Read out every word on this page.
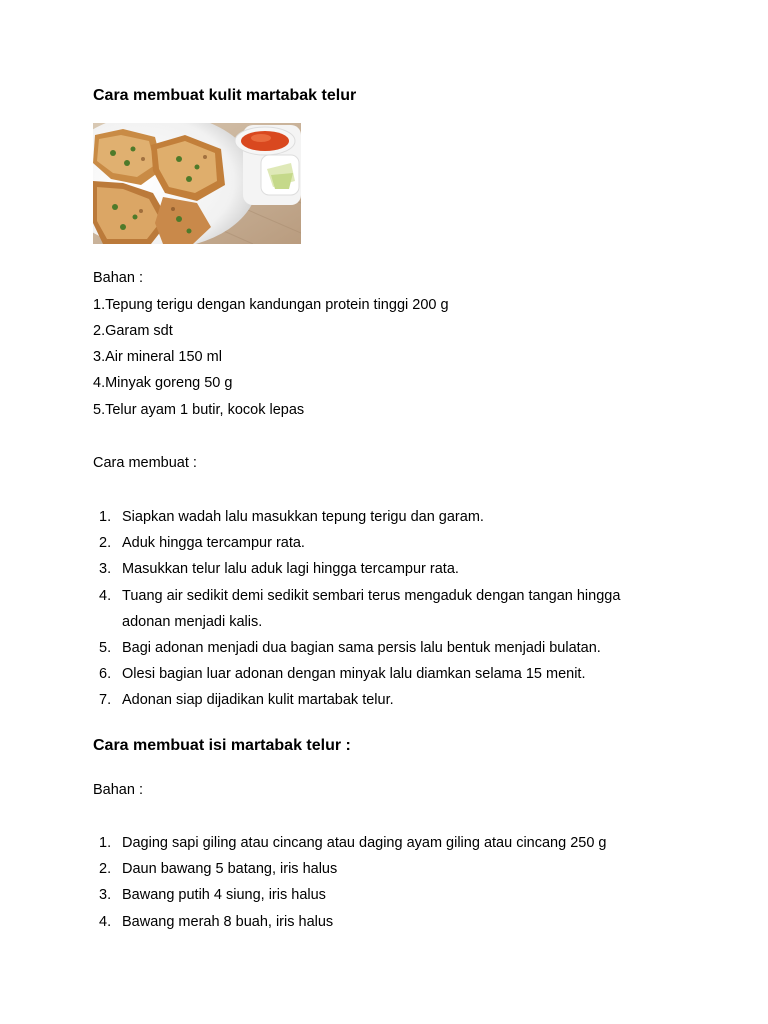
Cara membuat kulit martabak telur
Bahan :
1.Tepung terigu dengan kandungan protein tinggi 200 g
2.Garam sdt
3.Air mineral 150 ml
4.Minyak goreng 50 g
5.Telur ayam 1 butir, kocok lepas
Cara membuat :
1. Siapkan wadah lalu masukkan tepung terigu dan garam.
2. Aduk hingga tercampur rata.
3. Masukkan telur lalu aduk lagi hingga tercampur rata.
4. Tuang air sedikit demi sedikit sembari terus mengaduk dengan tangan hingga
adonan menjadi kalis.
5. Bagi adonan menjadi dua bagian sama persis lalu bentuk menjadi bulatan.
6. Olesi bagian luar adonan dengan minyak lalu diamkan selama 15 menit.
7. Adonan siap dijadikan kulit martabak telur.
Cara membuat isi martabak telur :
Bahan :
1. Daging sapi giling atau cincang atau daging ayam giling atau cincang 250 g
2. Daun bawang 5 batang, iris halus
3. Bawang putih 4 siung, iris halus
4. Bawang merah 8 buah, iris halus
